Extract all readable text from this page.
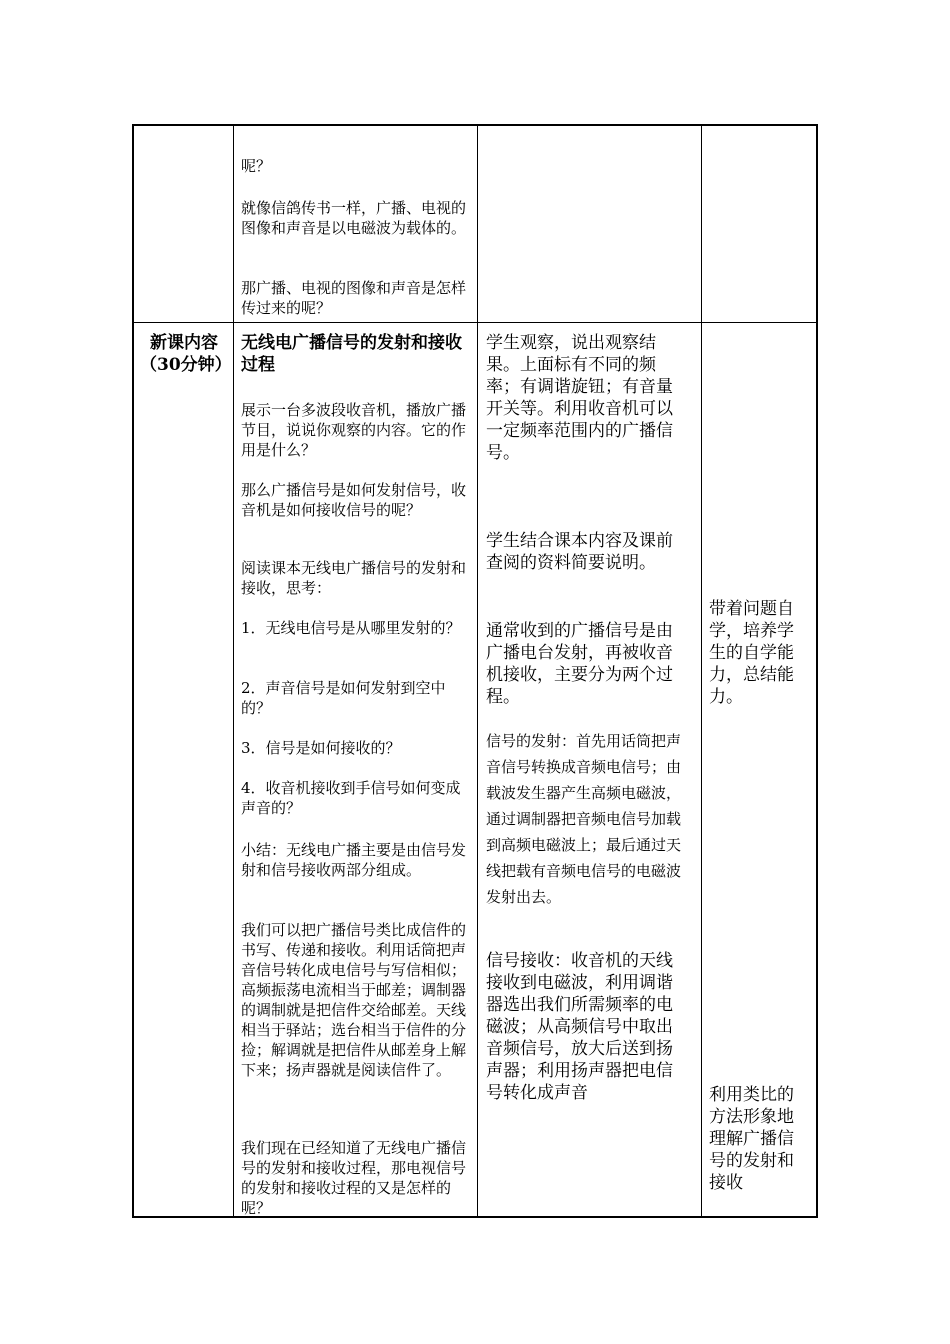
呢？

就像信鸽传书一样，广播、电视的图像和声音是以电磁波为载体的。

那广播、电视的图像和声音是怎样传过来的呢？

新课内容（30分钟）

无线电广播信号的发射和接收过程

展示一台多波段收音机，播放广播节目，说说你观察的内容。它的作用是什么？

那么广播信号是如何发射信号，收音机是如何接收信号的呢？

阅读课本无线电广播信号的发射和接收，思考：

1．无线电信号是从哪里发射的？

2．声音信号是如何发射到空中的？

3．信号是如何接收的？

4．收音机接收到手信号如何变成声音的？

小结：无线电广播主要是由信号发射和信号接收两部分组成。

我们可以把广播信号类比成信件的书写、传递和接收。利用话筒把声音信号转化成电信号与写信相似；高频振荡电流相当于邮差；调制器的调制就是把信件交给邮差。天线相当于驿站；选台相当于信件的分捡；解调就是把信件从邮差身上解下来；扬声器就是阅读信件了。

我们现在已经知道了无线电广播信号的发射和接收过程，那电视信号的发射和接收过程的又是怎样的呢？

学生观察，说出观察结果。上面标有不同的频率；有调谐旋钮；有音量开关等。利用收音机可以一定频率范围内的广播信号。

学生结合课本内容及课前查阅的资料简要说明。

通常收到的广播信号是由广播电台发射，再被收音机接收，主要分为两个过程。

信号的发射：首先用话筒把声音信号转换成音频电信号；由载波发生器产生高频电磁波，通过调制器把音频电信号加载到高频电磁波上；最后通过天线把载有音频电信号的电磁波发射出去。

信号接收：收音机的天线接收到电磁波，利用调谐器选出我们所需频率的电磁波；从高频信号中取出音频信号，放大后送到扬声器；利用扬声器把电信号转化成声音

带着问题自学，培养学生的自学能力，总结能力。

利用类比的方法形象地理解广播信号的发射和接收
